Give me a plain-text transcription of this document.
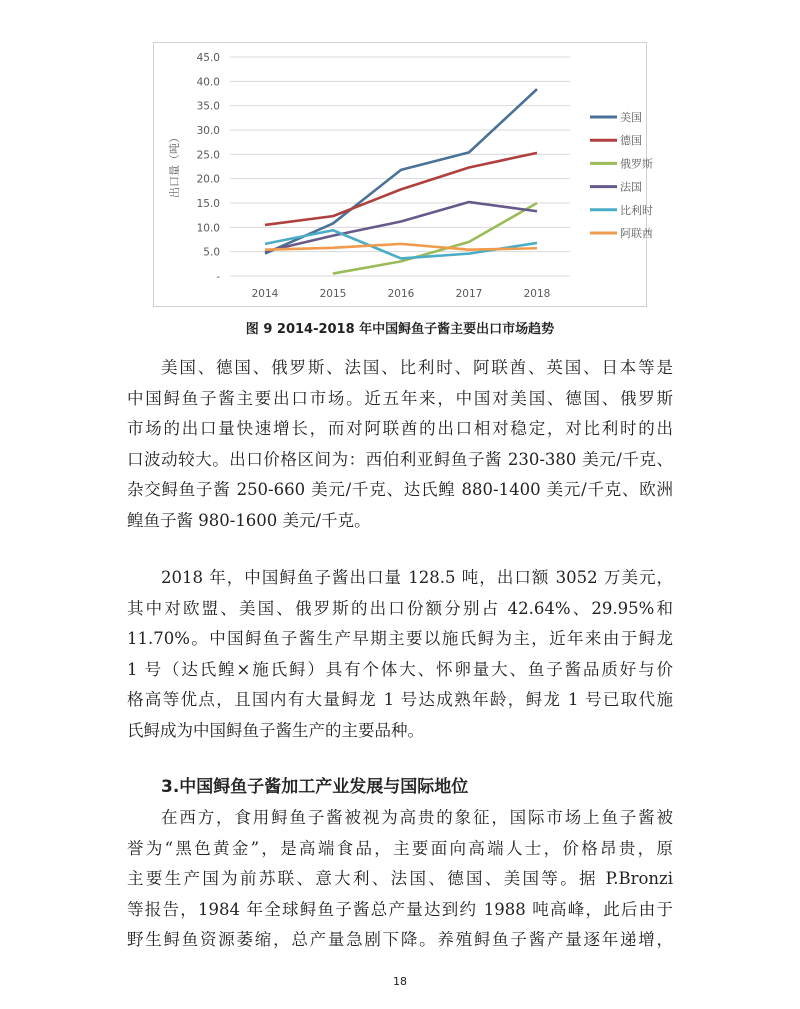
-
5.0
10.0
15.0
20.0
25.0
30.0
35.0
40.0
45.0
2014	2015	2016	2017	2018
出口量（吨）
美国
德国
俄罗斯
法国
比利时
阿联酋
图 9 2014-2018 年中国鲟鱼子酱主要出口市场趋势
美国、德国、俄罗斯、法国、比利时、阿联酋、英国、日本等是
中国鲟鱼子酱主要出口市场。近五年来，中国对美国、德国、俄罗斯
市场的出口量快速增长，而对阿联酋的出口相对稳定，对比利时的出
口波动较大。出口价格区间为：西伯利亚鲟鱼子酱 230-380 美元/千克、
杂交鲟鱼子酱 250-660 美元/千克、达氏鳇 880-1400 美元/千克、欧洲
鳇鱼子酱 980-1600 美元/千克。
2018 年，中国鲟鱼子酱出口量 128.5 吨，出口额 3052 万美元，
其中对欧盟、美国、俄罗斯的出口份额分别占 42.64%、29.95%和
11.70%。中国鲟鱼子酱生产早期主要以施氏鲟为主，近年来由于鲟龙
1 号（达氏鳇×施氏鲟）具有个体大、怀卵量大、鱼子酱品质好与价
格高等优点，且国内有大量鲟龙 1 号达成熟年龄，鲟龙 1 号已取代施
氏鲟成为中国鲟鱼子酱生产的主要品种。
3.中国鲟鱼子酱加工产业发展与国际地位
在西方，食用鲟鱼子酱被视为高贵的象征，国际市场上鱼子酱被
誉为“黑色黄金”，是高端食品，主要面向高端人士，价格昂贵，原
主要生产国为前苏联、意大利、法国、德国、美国等。据 P.Bronzi
等报告，1984 年全球鲟鱼子酱总产量达到约 1988 吨高峰，此后由于
野生鲟鱼资源萎缩，总产量急剧下降。养殖鲟鱼子酱产量逐年递增，
18
